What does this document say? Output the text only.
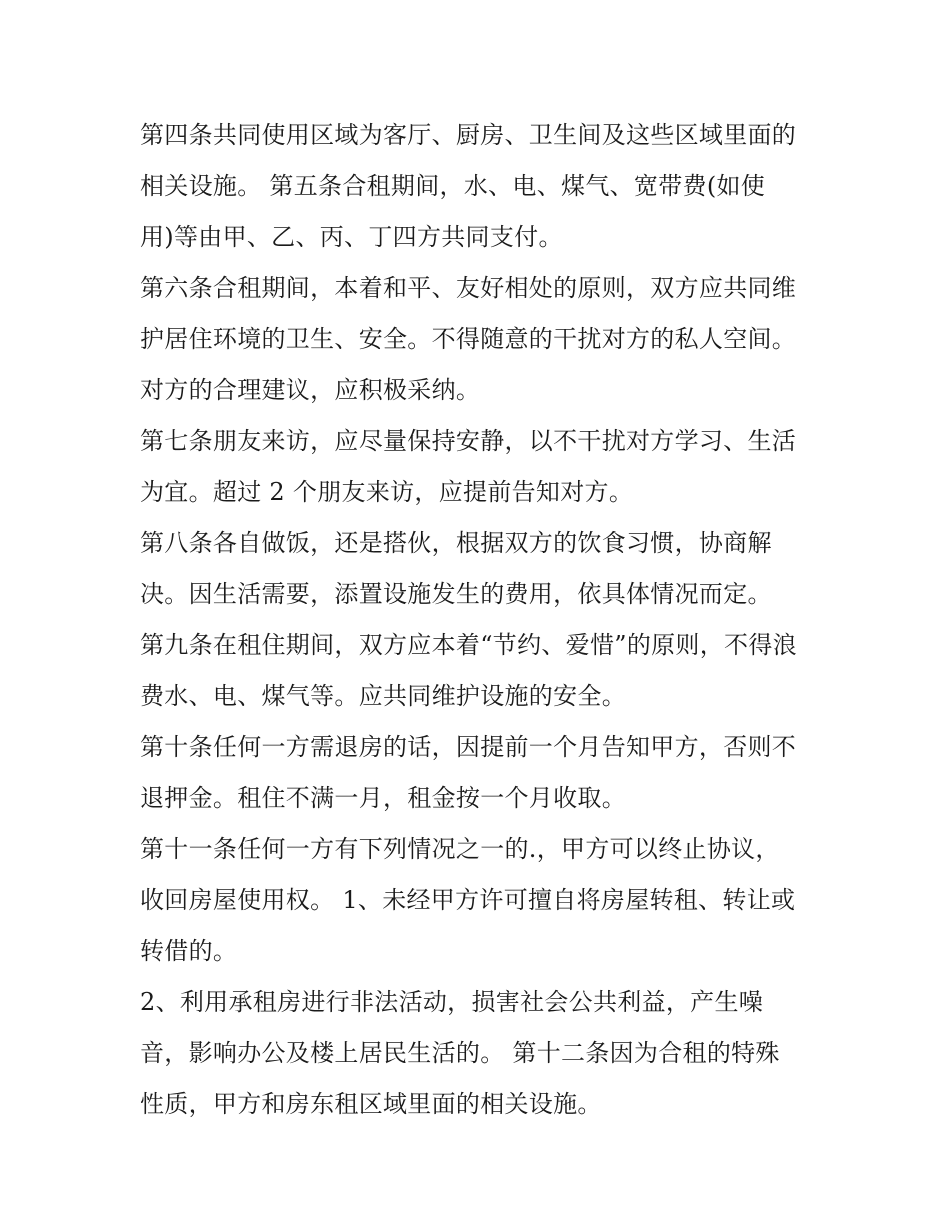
第四条共同使用区域为客厅、厨房、卫生间及这些区域里面的
相关设施。 第五条合租期间，水、电、煤气、宽带费(如使
用)等由甲、乙、丙、丁四方共同支付。

第六条合租期间，本着和平、友好相处的原则，双方应共同维
护居住环境的卫生、安全。不得随意的干扰对方的私人空间。
对方的合理建议，应积极采纳。

第七条朋友来访，应尽量保持安静，以不干扰对方学习、生活
为宜。超过 2 个朋友来访，应提前告知对方。

第八条各自做饭，还是搭伙，根据双方的饮食习惯，协商解
决。因生活需要，添置设施发生的费用，依具体情况而定。

第九条在租住期间，双方应本着“节约、爱惜”的原则，不得浪
费水、电、煤气等。应共同维护设施的安全。

第十条任何一方需退房的话，因提前一个月告知甲方，否则不
退押金。租住不满一月，租金按一个月收取。

第十一条任何一方有下列情况之一的.，甲方可以终止协议，
收回房屋使用权。 1、未经甲方许可擅自将房屋转租、转让或
转借的。

2、利用承租房进行非法活动，损害社会公共利益，产生噪
音，影响办公及楼上居民生活的。 第十二条因为合租的特殊
性质，甲方和房东租区域里面的相关设施。
